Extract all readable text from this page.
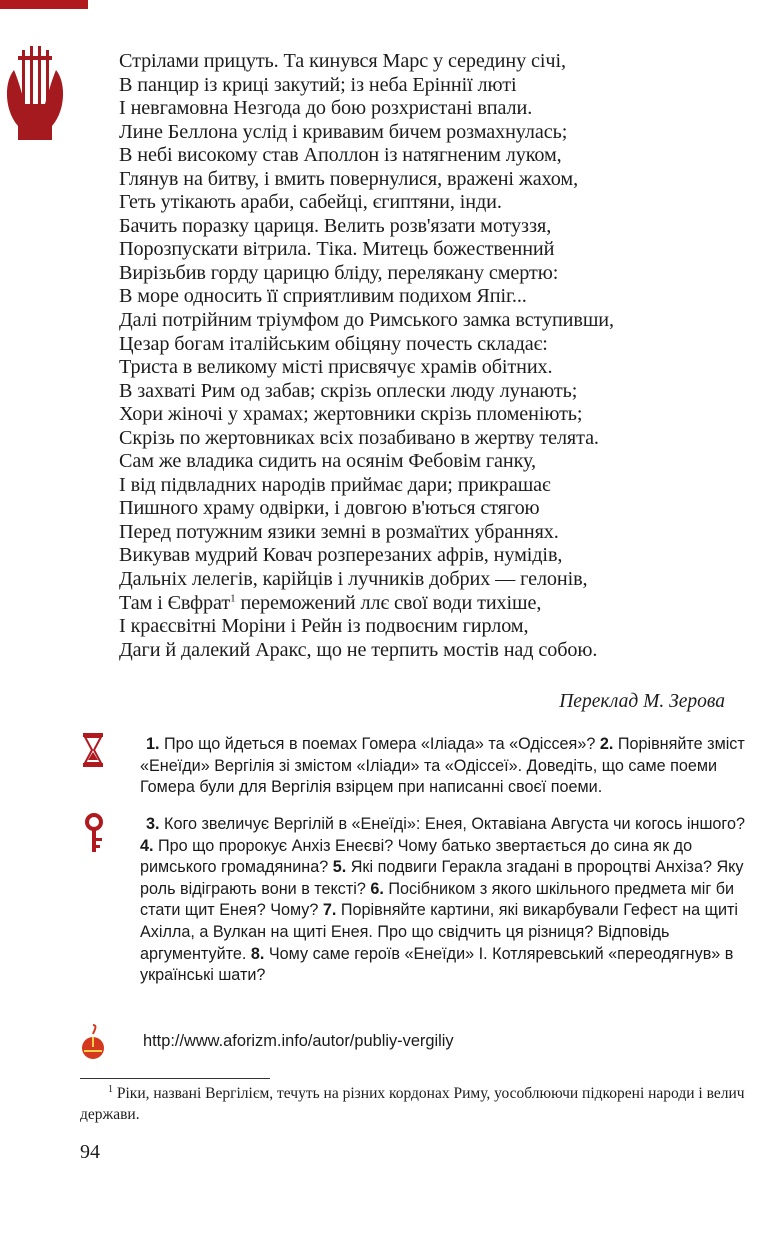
Стрілами прицуть. Та кинувся Марс у середину січі,
В панцир із криці закутий; із неба Еріннії люті
І невгамовна Незгода до бою розхристані впали.
Лине Беллона услід і кривавим бичем розмахнулась;
В небі високому став Аполлон із натягненим луком,
Глянув на битву, і вмить повернулися, вражені жахом,
Геть утікають араби, сабейці, єгиптяни, інди.
Бачить поразку цариця. Велить розв'язати мотуззя,
Порозпускати вітрила. Тіка. Митець божественний
Вирізьбив горду царицю бліду, перелякану смертю:
В море односить її сприятливим подихом Япіг...
Далі потрійним тріумфом до Римського замка вступивши,
Цезар богам італійським обіцяну почесть складає:
Триста в великому місті присвячує храмів обітних.
В захваті Рим од забав; скрізь оплески люду лунають;
Хори жіночі у храмах; жертовники скрізь пломеніють;
Скрізь по жертовниках всіх позабивано в жертву телята.
Сам же владика сидить на осянім Фебовім ганку,
І від підвладних народів приймає дари; прикрашає
Пишного храму одвірки, і довгою в'ються стягою
Перед потужним язики земні в розмаїтих убраннях.
Викував мудрий Ковач розперезаних афрів, нумідів,
Дальніх лелегів, карійців і лучників добрих — гелонів,
Там і Євфрат$^1$ переможений ллє свої води тихіше,
І краєсвітні Моріни і Рейн із подвоєним гирлом,
Даги й далекий Аракс, що не терпить мостів над собою.
Переклад М. Зерова
1. Про що йдеться в поемах Гомера «Іліада» та «Одіссея»? 2. Порівняйте зміст «Енеїди» Вергілія зі змістом «Іліади» та «Одіссеї». Доведіть, що саме поеми Гомера були для Вергілія взірцем при написанні своєї поеми.
3. Кого звеличує Вергілій в «Енеїді»: Енея, Октавіана Августа чи когось іншого? 4. Про що пророкує Анхіз Енеєві? Чому батько звертається до сина як до римського громадянина? 5. Які подвиги Геракла згадані в пророцтві Анхіза? Яку роль відіграють вони в тексті? 6. Посібником з якого шкільного предмета міг би стати щит Енея? Чому? 7. Порівняйте картини, які викарбували Гефест на щиті Ахілла, а Вулкан на щиті Енея. Про що свідчить ця різниця? Відповідь аргументуйте. 8. Чому саме героїв «Енеїди» І. Котляревський «переодягнув» в українські шати?
http://www.aforizm.info/autor/publiy-vergiliy
$^1$ Ріки, названі Вергілієм, течуть на різних кордонах Риму, уособлюючи підкорені народи і велич держави.
94
